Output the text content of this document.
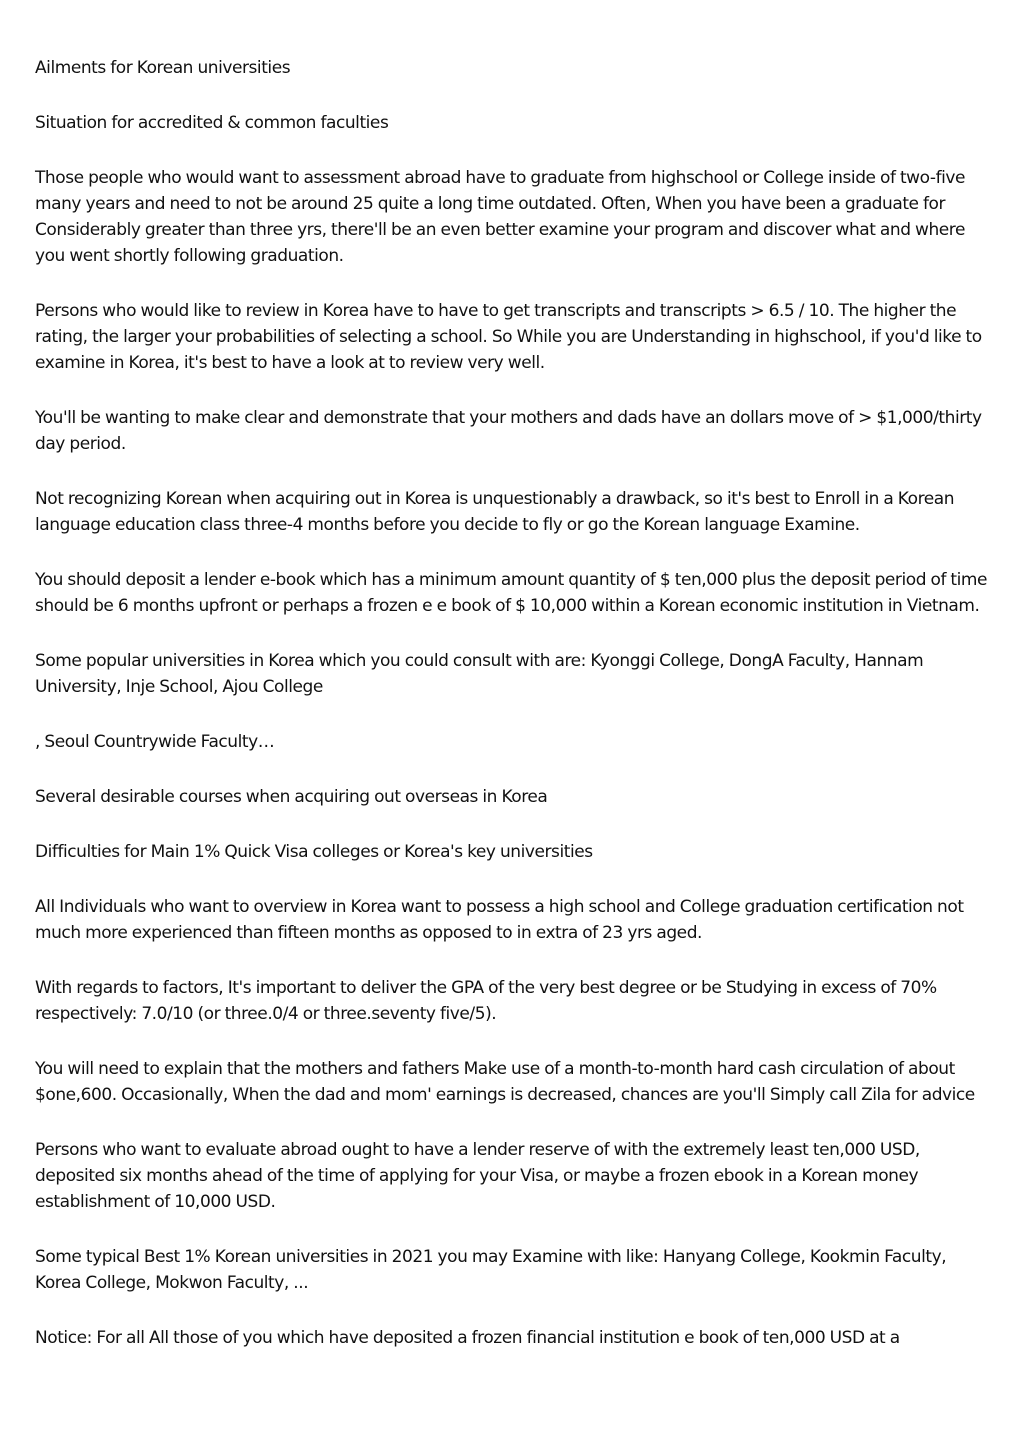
Ailments for Korean universities

Situation for accredited & common faculties

Those people who would want to assessment abroad have to graduate from highschool or College inside of two-five many years and need to not be around 25 quite a long time outdated. Often, When you have been a graduate for Considerably greater than three yrs, there'll be an even better examine your program and discover what and where you went shortly following graduation.

Persons who would like to review in Korea have to have to get transcripts and transcripts > 6.5 / 10. The higher the rating, the larger your probabilities of selecting a school. So While you are Understanding in highschool, if you'd like to examine in Korea, it's best to have a look at to review very well.

You'll be wanting to make clear and demonstrate that your mothers and dads have an dollars move of > $1,000/thirty day period.

Not recognizing Korean when acquiring out in Korea is unquestionably a drawback, so it's best to Enroll in a Korean language education class three-4 months before you decide to fly or go the Korean language Examine.

You should deposit a lender e-book which has a minimum amount quantity of $ ten,000 plus the deposit period of time should be 6 months upfront or perhaps a frozen e e book of $ 10,000 within a Korean economic institution in Vietnam.

Some popular universities in Korea which you could consult with are: Kyonggi College, DongA Faculty, Hannam University, Inje School, Ajou College

, Seoul Countrywide Faculty…

Several desirable courses when acquiring out overseas in Korea

Difficulties for Main 1% Quick Visa colleges or Korea's key universities

All Individuals who want to overview in Korea want to possess a high school and College graduation certification not much more experienced than fifteen months as opposed to in extra of 23 yrs aged.

With regards to factors, It's important to deliver the GPA of the very best degree or be Studying in excess of 70% respectively: 7.0/10 (or three.0/4 or three.seventy five/5).

You will need to explain that the mothers and fathers Make use of a month-to-month hard cash circulation of about $one,600. Occasionally, When the dad and mom' earnings is decreased, chances are you'll Simply call Zila for advice

Persons who want to evaluate abroad ought to have a lender reserve of with the extremely least ten,000 USD, deposited six months ahead of the time of applying for your Visa, or maybe a frozen ebook in a Korean money establishment of 10,000 USD.

Some typical Best 1% Korean universities in 2021 you may Examine with like: Hanyang College, Kookmin Faculty, Korea College, Mokwon Faculty, ...

Notice: For all All those of you which have deposited a frozen financial institution e book of ten,000 USD at a
